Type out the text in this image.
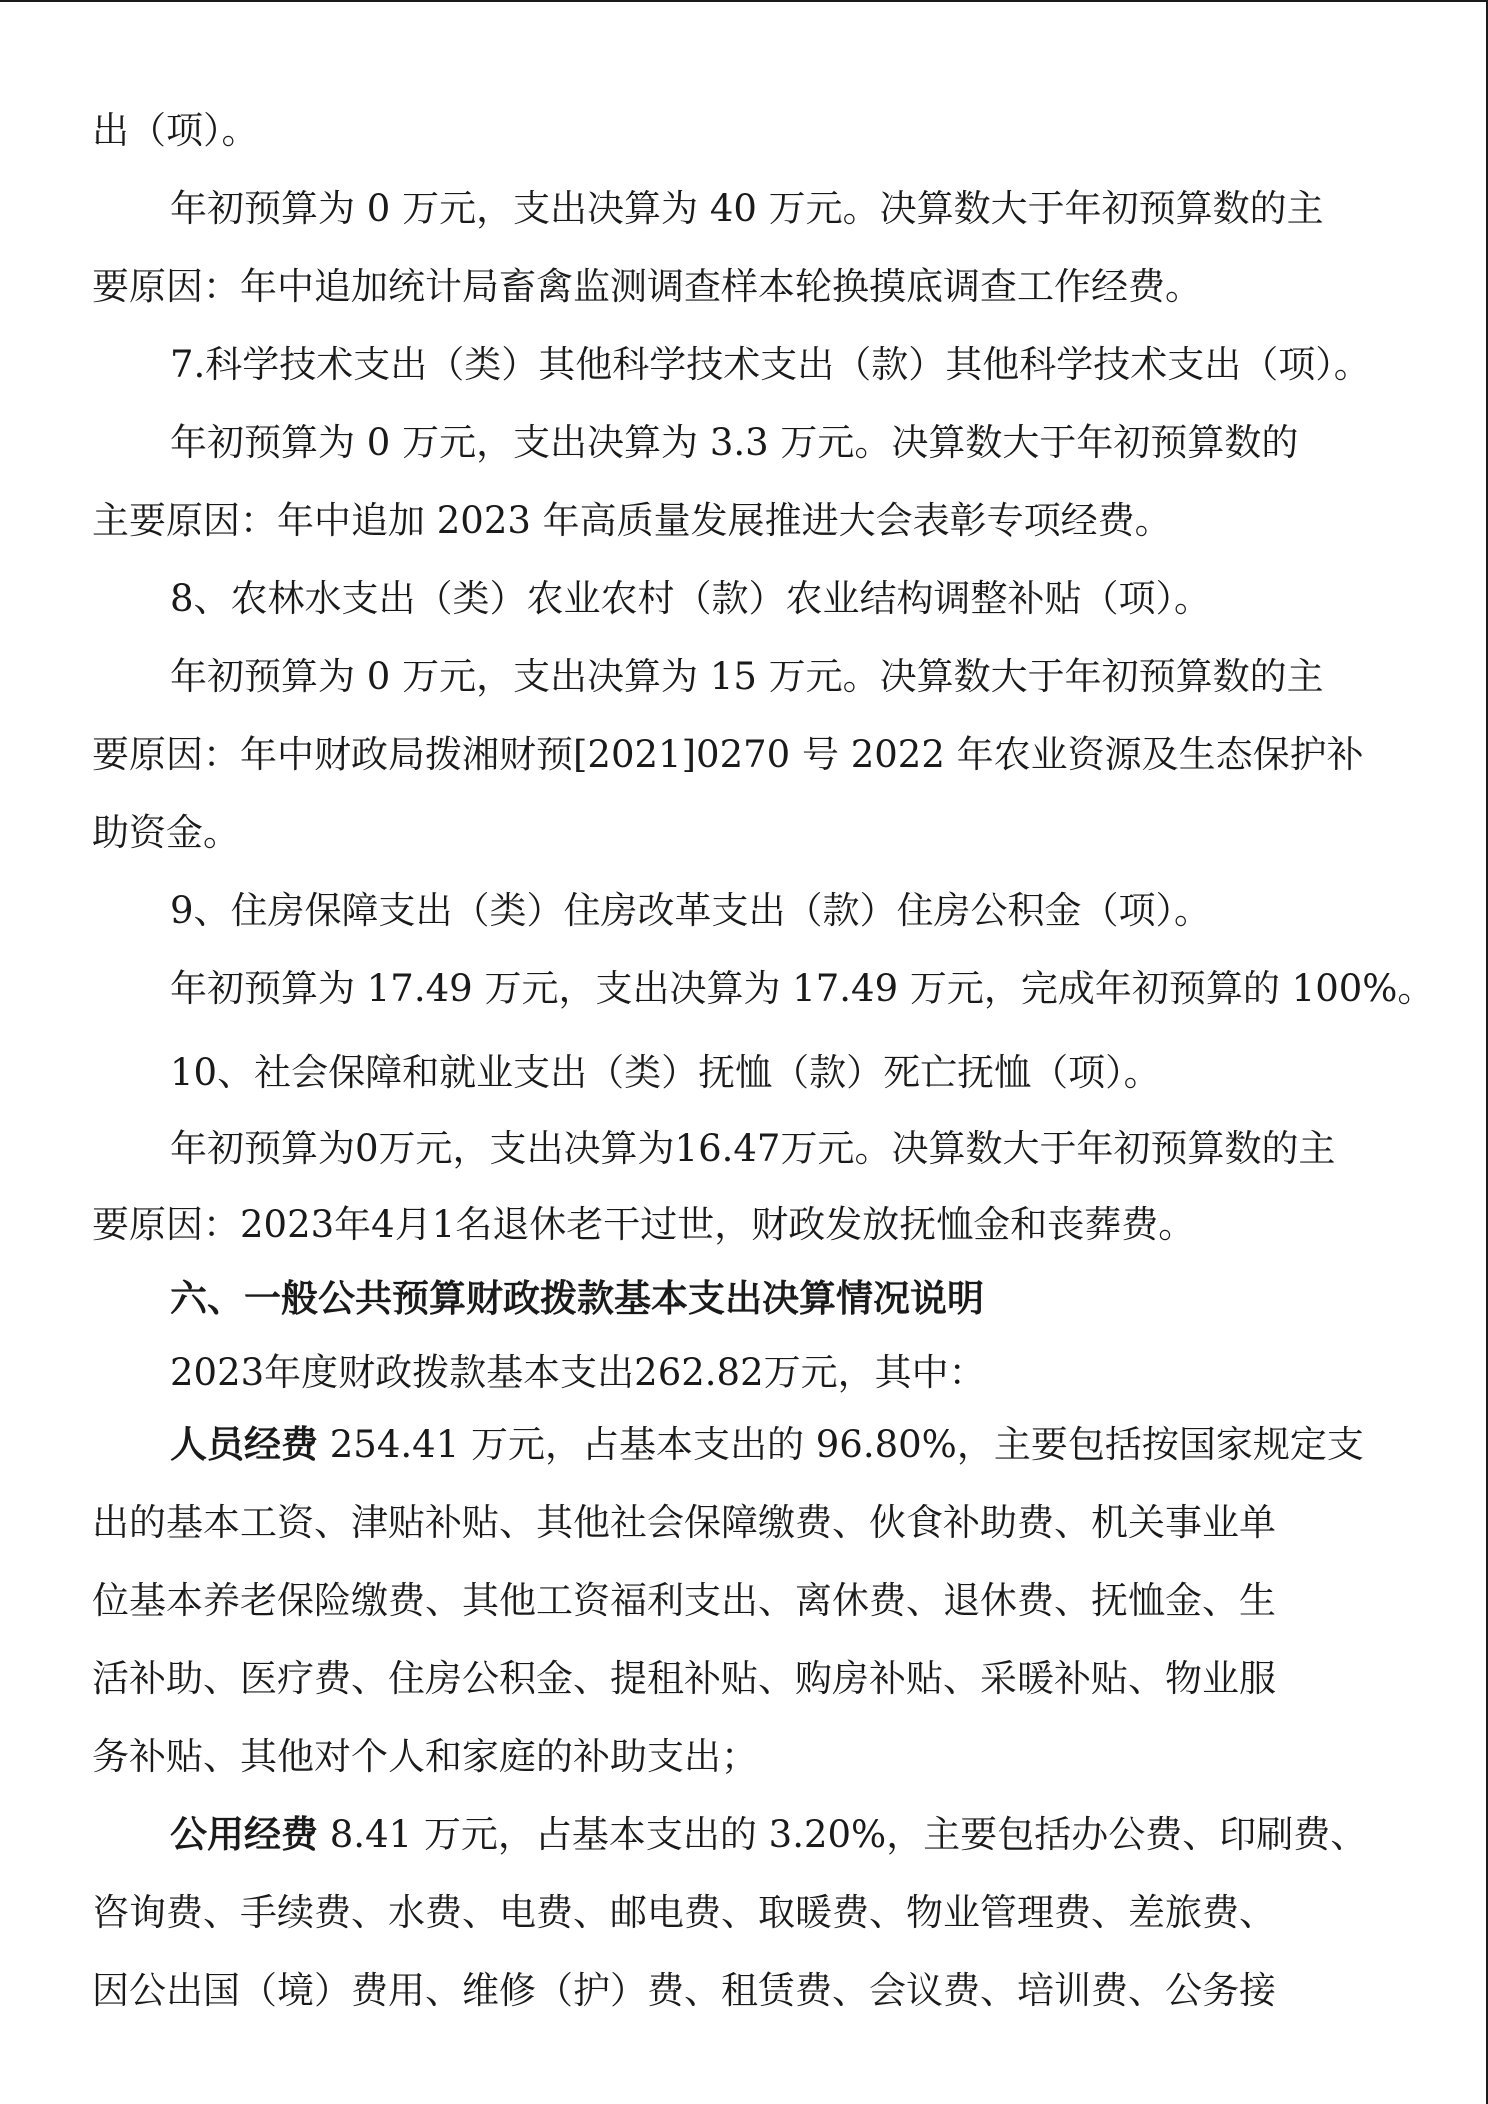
出（项）。

年初预算为 0 万元，支出决算为 40 万元。决算数大于年初预算数的主

要原因：年中追加统计局畜禽监测调查样本轮换摸底调查工作经费。

7.科学技术支出（类）其他科学技术支出（款）其他科学技术支出（项）。

年初预算为 0 万元，支出决算为 3.3 万元。决算数大于年初预算数的

主要原因：年中追加 2023 年高质量发展推进大会表彰专项经费。

8、农林水支出（类）农业农村（款）农业结构调整补贴（项）。

年初预算为 0 万元，支出决算为 15 万元。决算数大于年初预算数的主

要原因：年中财政局拨湘财预[2021]0270 号 2022 年农业资源及生态保护补

助资金。

9、住房保障支出（类）住房改革支出（款）住房公积金（项）。

年初预算为 17.49 万元，支出决算为 17.49 万元，完成年初预算的 100%。

10、社会保障和就业支出（类）抚恤（款）死亡抚恤（项）。

年初预算为0万元，支出决算为16.47万元。决算数大于年初预算数的主

要原因：2023年4月1名退休老干过世，财政发放抚恤金和丧葬费。

六、一般公共预算财政拨款基本支出决算情况说明

2023年度财政拨款基本支出262.82万元，其中：

人员经费 254.41 万元，占基本支出的 96.80%，主要包括按国家规定支

出的基本工资、津贴补贴、其他社会保障缴费、伙食补助费、机关事业单

位基本养老保险缴费、其他工资福利支出、离休费、退休费、抚恤金、生

活补助、医疗费、住房公积金、提租补贴、购房补贴、采暖补贴、物业服

务补贴、其他对个人和家庭的补助支出；

公用经费 8.41 万元，占基本支出的 3.20%，主要包括办公费、印刷费、

咨询费、手续费、水费、电费、邮电费、取暖费、物业管理费、差旅费、

因公出国（境）费用、维修（护）费、租赁费、会议费、培训费、公务接
